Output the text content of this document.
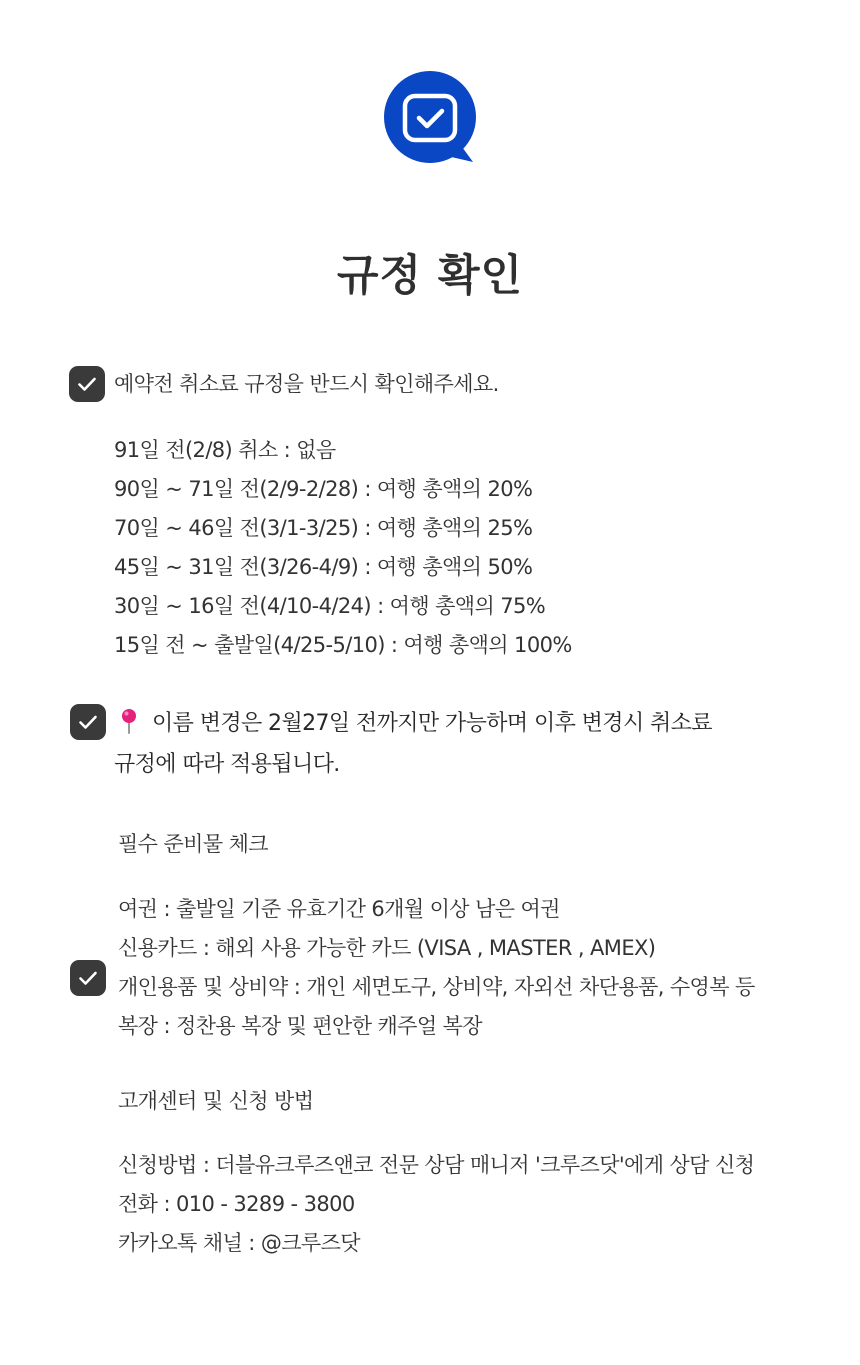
규정 확인
예약전 취소료 규정을 반드시 확인해주세요.
91일 전(2/8) 취소 : 없음
90일 ~ 71일 전(2/9-2/28) : 여행 총액의 20%
70일 ~ 46일 전(3/1-3/25) : 여행 총액의 25%
45일 ~ 31일 전(3/26-4/9) : 여행 총액의 50%
30일 ~ 16일 전(4/10-4/24) : 여행 총액의 75%
15일 전 ~ 출발일(4/25-5/10) : 여행 총액의 100%
이름 변경은 2월27일 전까지만 가능하며 이후 변경시 취소료
규정에 따라 적용됩니다.
필수 준비물 체크
여권 : 출발일 기준 유효기간 6개월 이상 남은 여권
신용카드 : 해외 사용 가능한 카드 (VISA , MASTER , AMEX)
개인용품 및 상비약 : 개인 세면도구, 상비약, 자외선 차단용품, 수영복 등
복장 : 정찬용 복장 및 편안한 캐주얼 복장
고개센터 및 신청 방법
신청방법 : 더블유크루즈앤코 전문 상담 매니저 '크루즈닷'에게 상담 신청
전화 : 010 - 3289 - 3800
카카오톡 채널 : @크루즈닷
